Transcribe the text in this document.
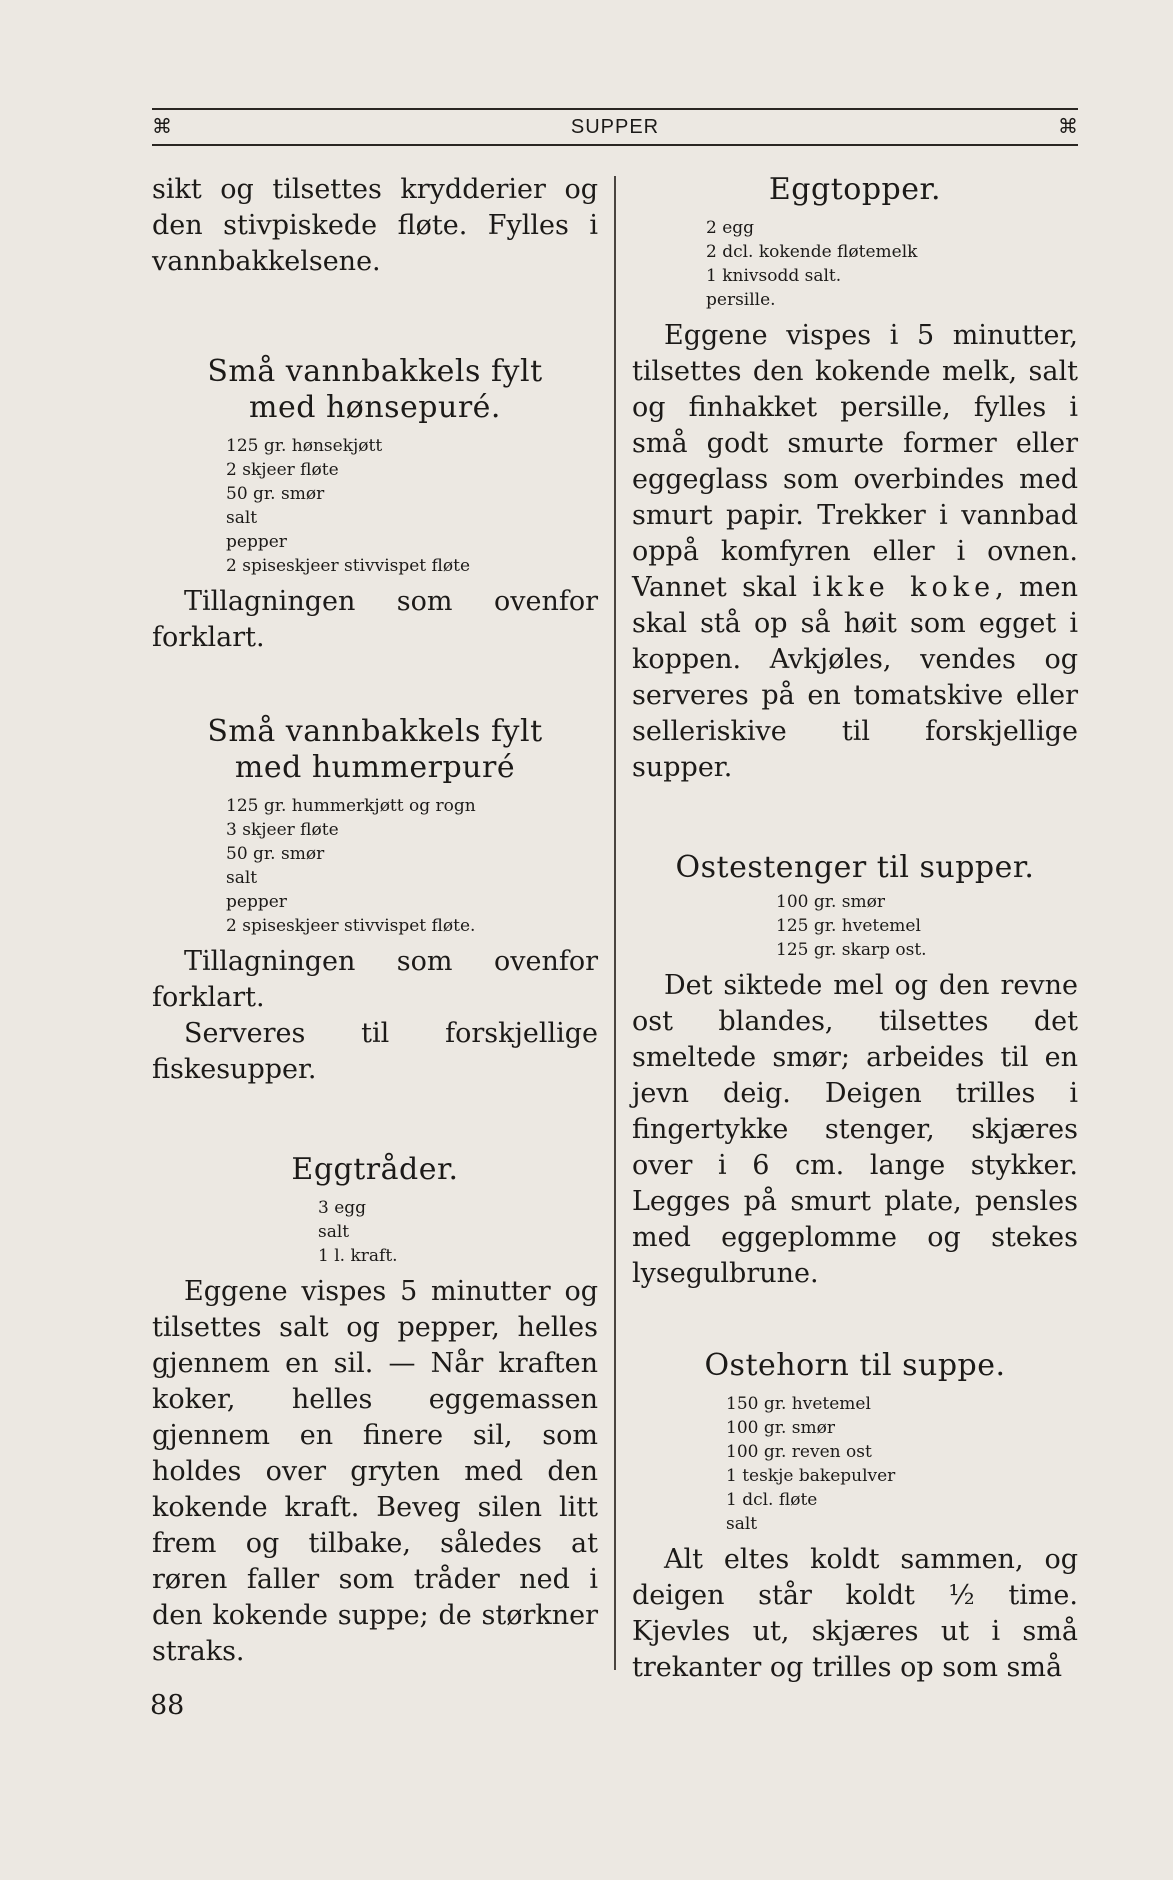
⌘	SUPPER	⌘

sikt og tilsettes krydderier og den stivpiskede fløte. Fylles i vannbakkelsene.

Små vannbakkels fylt

med hønsepuré.

125 gr. hønsekjøtt
2 skjeer fløte
50 gr. smør
salt
pepper
2 spiseskjeer stivvispet fløte

Tillagningen som ovenfor forklart.

Små vannbakkels fylt

med hummerpuré

125 gr. hummerkjøtt og rogn
3 skjeer fløte
50 gr. smør
salt
pepper
2 spiseskjeer stivvispet fløte.

Tillagningen som ovenfor forklart.

Serveres til forskjellige fiskesupper.

Eggtråder.

3 egg
salt
1 l. kraft.

Eggene vispes 5 minutter og tilsettes salt og pepper, helles gjennem en sil. — Når kraften koker, helles eggemassen gjennem en finere sil, som holdes over gryten med den kokende kraft. Beveg silen litt frem og tilbake, således at røren faller som tråder ned i den kokende suppe; de størkner straks.

88

Eggtopper.

2 egg
2 dcl. kokende fløtemelk
1 knivsodd salt.
persille.

Eggene vispes i 5 minutter, tilsettes den kokende melk, salt og finhakket persille, fylles i små godt smurte former eller eggeglass som overbindes med smurt papir. Trekker i vannbad oppå komfyren eller i ovnen. Vannet skal ikke koke, men skal stå op så høit som egget i koppen. Avkjøles, vendes og serveres på en tomatskive eller selleriskive til forskjellige supper.

Ostestenger til supper.

100 gr. smør
125 gr. hvetemel
125 gr. skarp ost.

Det siktede mel og den revne ost blandes, tilsettes det smeltede smør; arbeides til en jevn deig. Deigen trilles i fingertykke stenger, skjæres over i 6 cm. lange stykker. Legges på smurt plate, pensles med eggeplomme og stekes lysegulbrune.

Ostehorn til suppe.

150 gr. hvetemel
100 gr. smør
100 gr. reven ost
1 teskje bakepulver
1 dcl. fløte
salt

Alt eltes koldt sammen, og deigen står koldt ½ time. Kjevles ut, skjæres ut i små trekanter og trilles op som små
